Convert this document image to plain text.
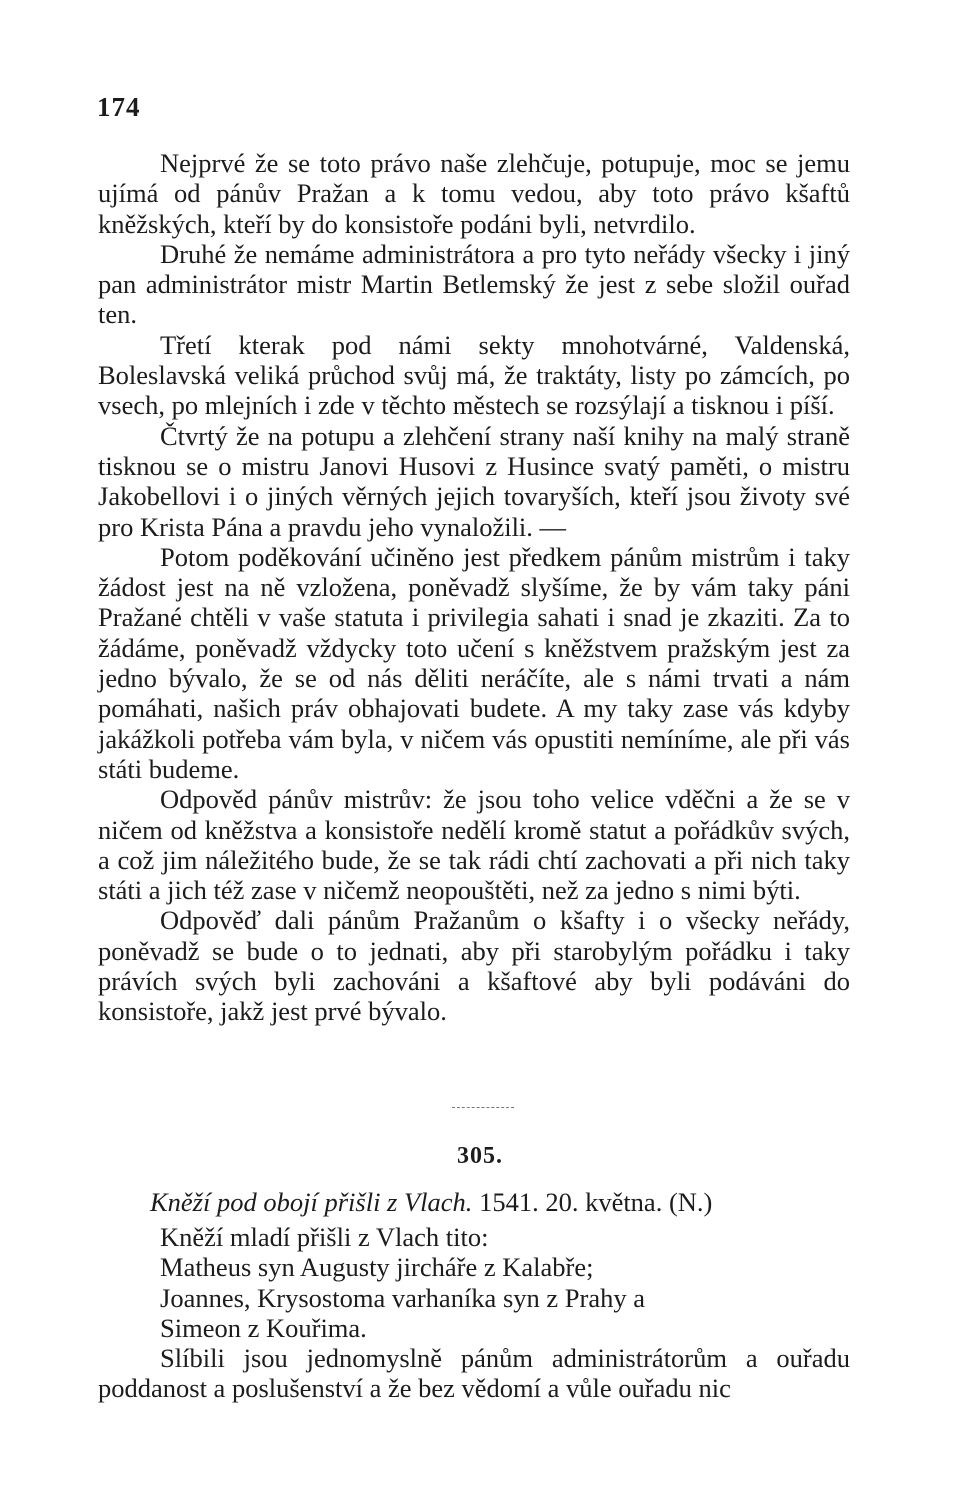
174

Nejprvé že se toto právo naše zlehčuje, potupuje, moc se jemu ujímá od pánův Pražan a k tomu vedou, aby toto právo kšaftů kněžských, kteří by do konsistoře podáni byli, netvrdilo.

Druhé že nemáme administrátora a pro tyto neřády všecky i jiný pan administrátor mistr Martin Betlemský že jest z sebe složil ouřad ten.

Třetí kterak pod námi sekty mnohotvárné, Valdenská, Boleslavská veliká průchod svůj má, že traktáty, listy po zámcích, po vsech, po mlejních i zde v těchto městech se rozsýlají a tisknou i píší.

Čtvrtý že na potupu a zlehčení strany naší knihy na malý straně tisknou se o mistru Janovi Husovi z Husince svatý paměti, o mistru Jakobellovi i o jiných věrných jejich tovaryších, kteří jsou životy své pro Krista Pána a pravdu jeho vynaložili. —

Potom poděkování učiněno jest předkem pánům mistrům i taky žádost jest na ně vzložena, poněvadž slyšíme, že by vám taky páni Pražané chtěli v vaše statuta i privilegia sahati i snad je zkaziti. Za to žádáme, poněvadž vždycky toto učení s kněžstvem pražským jest za jedno bývalo, že se od nás děliti neráčíte, ale s námi trvati a nám pomáhati, našich práv obhajovati budete. A my taky zase vás kdyby jakážkoli potřeba vám byla, v ničem vás opustiti nemíníme, ale při vás státi budeme.

Odpověd pánův mistrův: že jsou toho velice vděčni a že se v ničem od kněžstva a konsistoře nedělí kromě statut a pořádkův svých, a což jim náležitého bude, že se tak rádi chtí zachovati a při nich taky státi a jich též zase v ničemž neopouštěti, než za jedno s nimi býti.

Odpověď dali pánům Pražanům o kšafty i o všecky neřády, poněvadž se bude o to jednati, aby při starobylým pořádku i taky právích svých byli zachováni a kšaftové aby byli podáváni do konsistoře, jakž jest prvé bývalo.

305.
Kněží pod obojí přišli z Vlach. 1541. 20. května. (N.)
Kněží mladí přišli z Vlach tito:
Matheus syn Augusty jircháře z Kalabře;
Joannes, Krysostoma varhaníka syn z Prahy a
Simeon z Kouřima.

Slíbili jsou jednomyslně pánům administrátorům a ouřadu poddanost a poslušenství a že bez vědomí a vůle ouřadu nic
